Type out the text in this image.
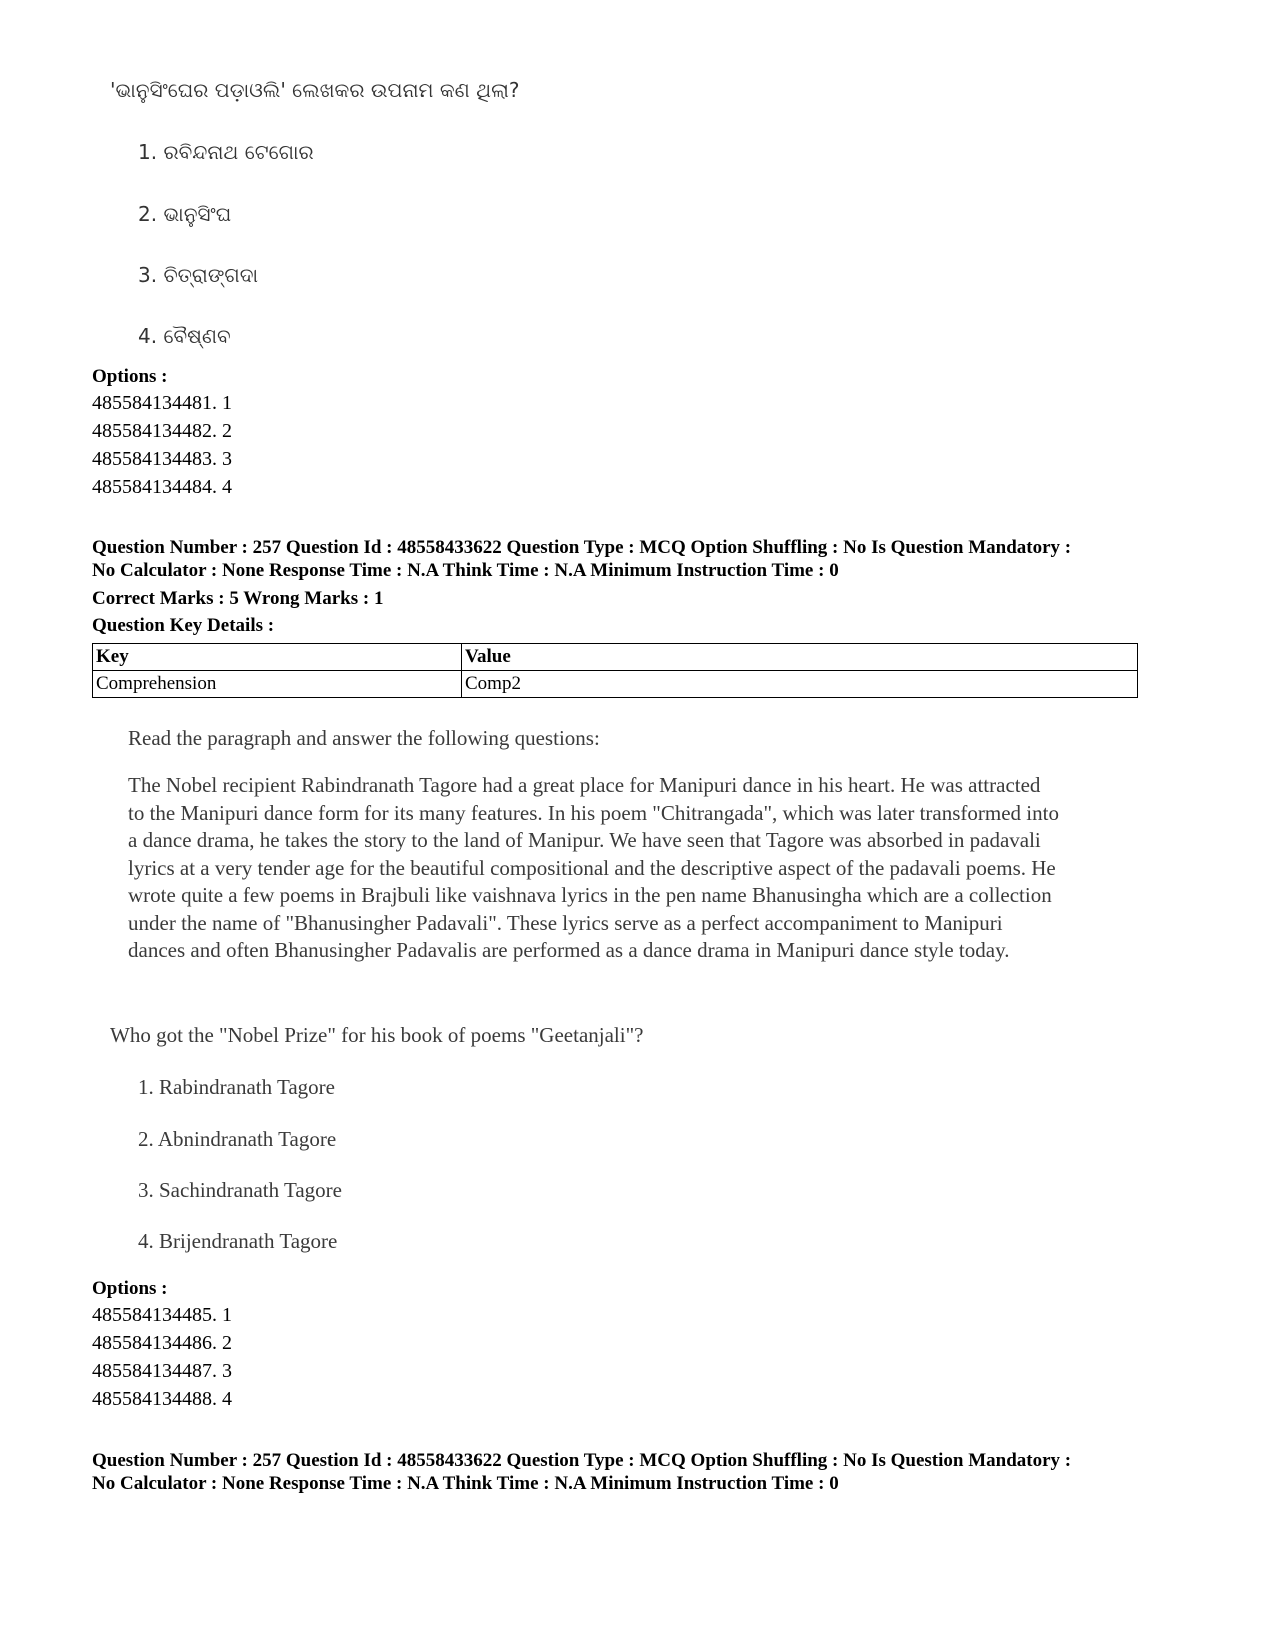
'ଭାନୁସିଂଘେର ପଡ଼ାଓଲି' ଲେଖକର ଉପନାମ କଣ ଥିଲା?
1. ରବିନ୍ଦନାଥ ଟେଗୋର
2. ଭାନୁସିଂଘ
3. ଚିତ୍ରାଙ୍ଗଦା
4. ବୈଷ୍ଣବ
Options :
485584134481. 1
485584134482. 2
485584134483. 3
485584134484. 4
Question Number : 257 Question Id : 48558433622 Question Type : MCQ Option Shuffling : No Is Question Mandatory :
No Calculator : None Response Time : N.A Think Time : N.A Minimum Instruction Time : 0
Correct Marks : 5 Wrong Marks : 1
Question Key Details :
Key	Value
Comprehension	Comp2
Read the paragraph and answer the following questions:
The Nobel recipient Rabindranath Tagore had a great place for Manipuri dance in his heart. He was attracted
to the Manipuri dance form for its many features. In his poem "Chitrangada", which was later transformed into
a dance drama, he takes the story to the land of Manipur. We have seen that Tagore was absorbed in padavali
lyrics at a very tender age for the beautiful compositional and the descriptive aspect of the padavali poems. He
wrote quite a few poems in Brajbuli like vaishnava lyrics in the pen name Bhanusingha which are a collection
under the name of "Bhanusingher Padavali". These lyrics serve as a perfect accompaniment to Manipuri
dances and often Bhanusingher Padavalis are performed as a dance drama in Manipuri dance style today.
Who got the "Nobel Prize" for his book of poems "Geetanjali"?
1. Rabindranath Tagore
2. Abnindranath Tagore
3. Sachindranath Tagore
4. Brijendranath Tagore
Options :
485584134485. 1
485584134486. 2
485584134487. 3
485584134488. 4
Question Number : 257 Question Id : 48558433622 Question Type : MCQ Option Shuffling : No Is Question Mandatory :
No Calculator : None Response Time : N.A Think Time : N.A Minimum Instruction Time : 0
